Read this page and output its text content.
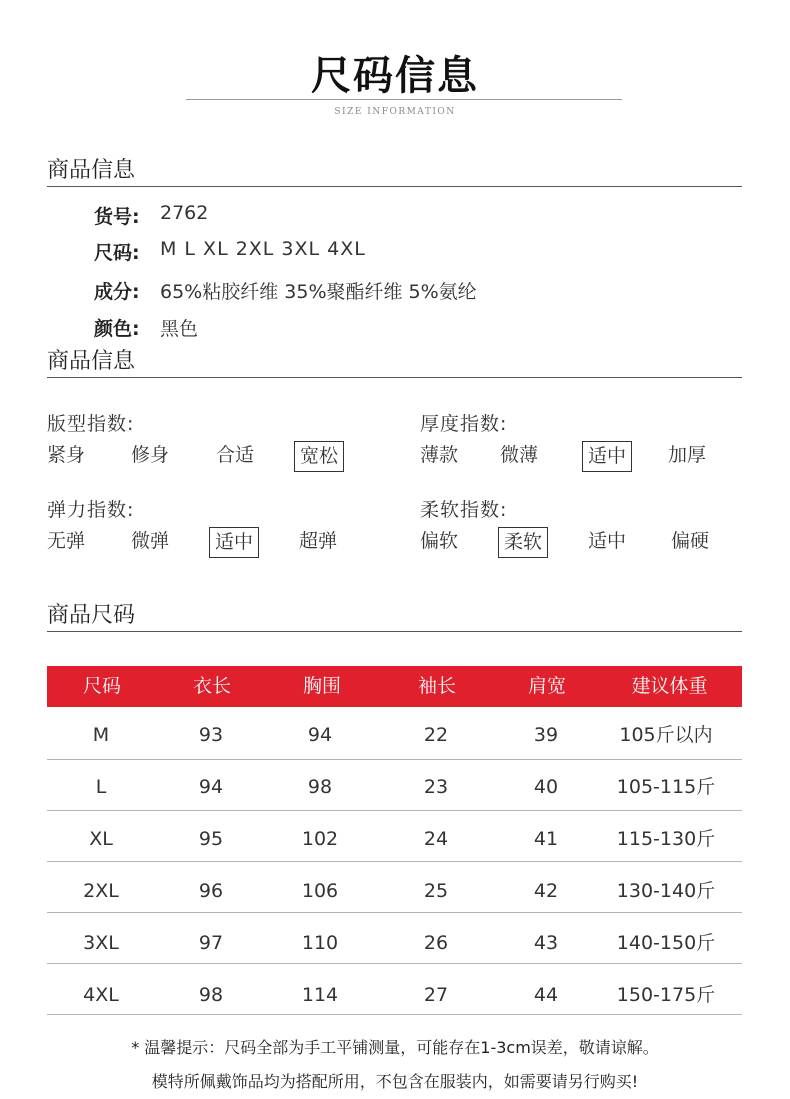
尺码信息
SIZE INFORMATION
商品信息
货号:	2762
尺码:	M L XL 2XL 3XL 4XL
成分:	65%粘胶纤维 35%聚酯纤维 5%氨纶
颜色:	黑色
商品信息
版型指数:
紧身 修身 合适	宽松
厚度指数:
薄款 微薄	适中	加厚
弹力指数:
无弹 微弹	适中	超弹
柔软指数:
偏软	柔软	适中 偏硬
商品尺码
尺码	衣长	胸围	袖长	肩宽	建议体重
M	93	94	22	39	105斤以内
L	94	98	23	40	105-115斤
XL	95	102	24	41	115-130斤
2XL	96	106	25	42	130-140斤
3XL	97	110	26	43	140-150斤
4XL	98	114	27	44	150-175斤
* 温馨提示：尺码全部为手工平铺测量，可能存在1-3cm误差，敬请谅解。
模特所佩戴饰品均为搭配所用，不包含在服装内，如需要请另行购买!
